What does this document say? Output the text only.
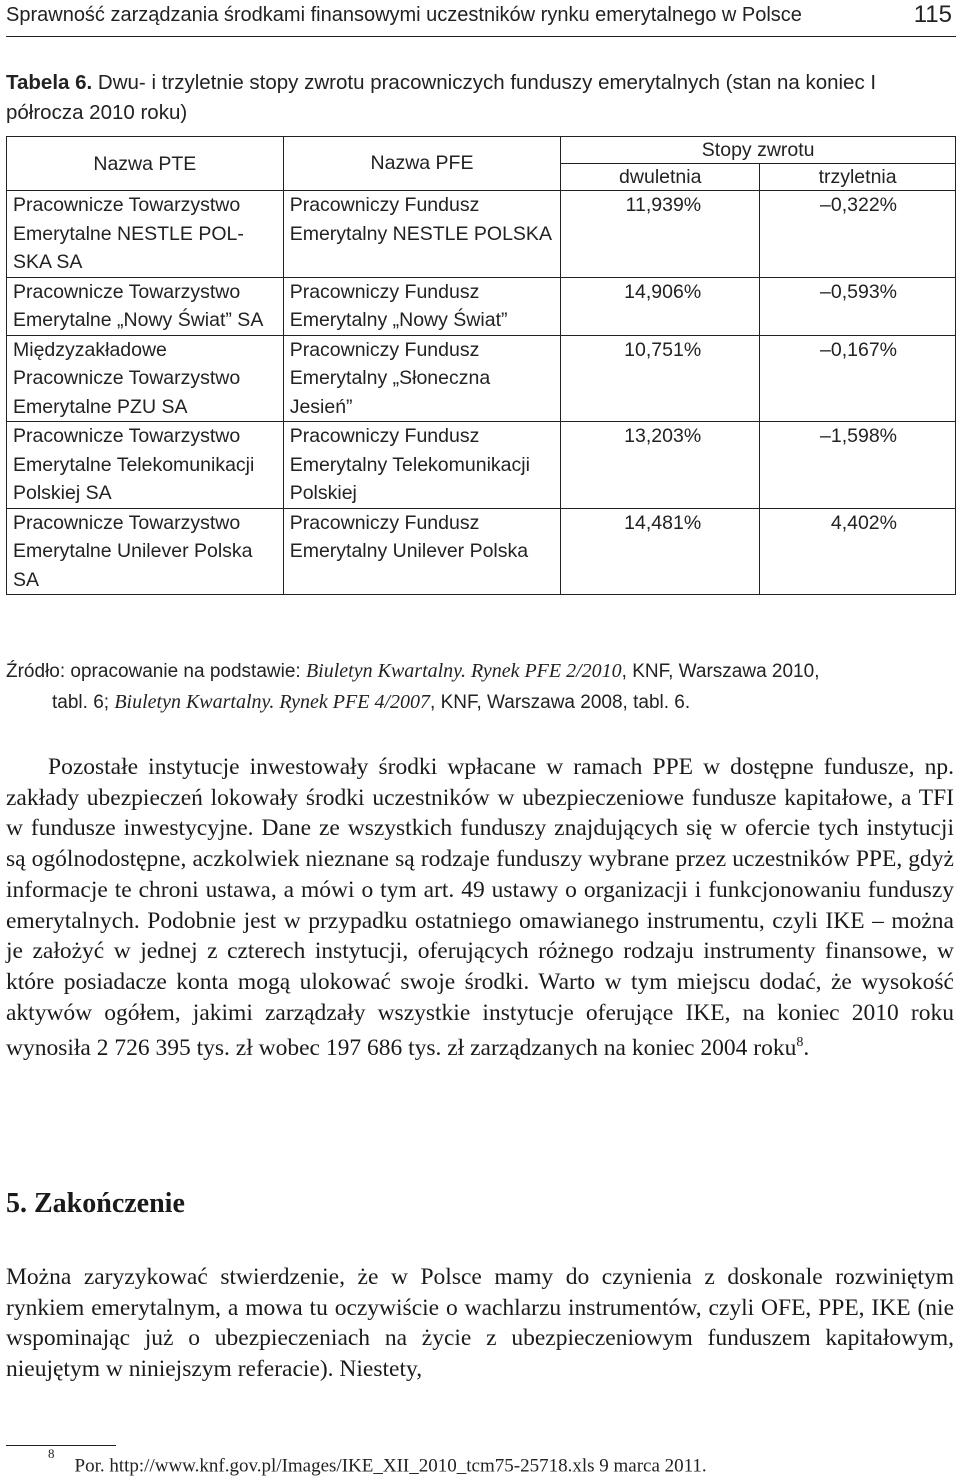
Sprawność zarządzania środkami finansowymi uczestników rynku emerytalnego w Polsce	115
Tabela 6. Dwu- i trzyletnie stopy zwrotu pracowniczych funduszy emerytalnych (stan na koniec I półrocza 2010 roku)
Nazwa PTE	Nazwa PFE	Stopy zwrotu	
		dwuletnia	trzyletnia
Pracownicze Towarzystwo Emerytalne NESTLE POL-SKA SA	Pracowniczy Fundusz Emerytalny NESTLE POLSKA	11,939%	–0,322%
Pracownicze Towarzystwo Emerytalne „Nowy Świat” SA	Pracowniczy Fundusz Emerytalny „Nowy Świat”	14,906%	–0,593%
Międzyzakładowe Pracownicze Towarzystwo Emerytalne PZU SA	Pracowniczy Fundusz Emerytalny „Słoneczna Jesień”	10,751%	–0,167%
Pracownicze Towarzystwo Emerytalne Telekomunikacji Polskiej SA	Pracowniczy Fundusz Emerytalny Telekomunikacji Polskiej	13,203%	–1,598%
Pracownicze Towarzystwo Emerytalne Unilever Polska SA	Pracowniczy Fundusz Emerytalny Unilever Polska	14,481%	4,402%
Źródło: opracowanie na podstawie: Biuletyn Kwartalny. Rynek PFE 2/2010, KNF, Warszawa 2010,
tabl. 6; Biuletyn Kwartalny. Rynek PFE 4/2007, KNF, Warszawa 2008, tabl. 6.
Pozostałe instytucje inwestowały środki wpłacane w ramach PPE w dostępne fundusze, np. zakłady ubezpieczeń lokowały środki uczestników w ubezpieczeniowe fundusze kapitałowe, a TFI w fundusze inwestycyjne. Dane ze wszystkich funduszy znajdujących się w ofercie tych instytucji są ogólnodostępne, aczkolwiek nieznane są rodzaje funduszy wybrane przez uczestników PPE, gdyż informacje te chroni ustawa, a mówi o tym art. 49 ustawy o organizacji i funkcjonowaniu funduszy emerytalnych. Podobnie jest w przypadku ostatniego omawianego instrumentu, czyli IKE – można je założyć w jednej z czterech instytucji, oferujących różnego rodzaju instrumenty finansowe, w które posiadacze konta mogą ulokować swoje środki. Warto w tym miejscu dodać, że wysokość aktywów ogółem, jakimi zarządzały wszystkie instytucje oferujące IKE, na koniec 2010 roku wynosiła 2 726 395 tys. zł wobec 197 686 tys. zł zarządzanych na koniec 2004 roku$^8$.
5. Zakończenie
Można zaryzykować stwierdzenie, że w Polsce mamy do czynienia z doskonale rozwiniętym rynkiem emerytalnym, a mowa tu oczywiście o wachlarzu instrumentów, czyli OFE, PPE, IKE (nie wspominając już o ubezpieczeniach na życie z ubezpieczeniowym funduszem kapitałowym, nieujętym w niniejszym referacie). Niestety,
$^8$Por. http://www.knf.gov.pl/Images/IKE_XII_2010_tcm75-25718.xls 9 marca 2011.
